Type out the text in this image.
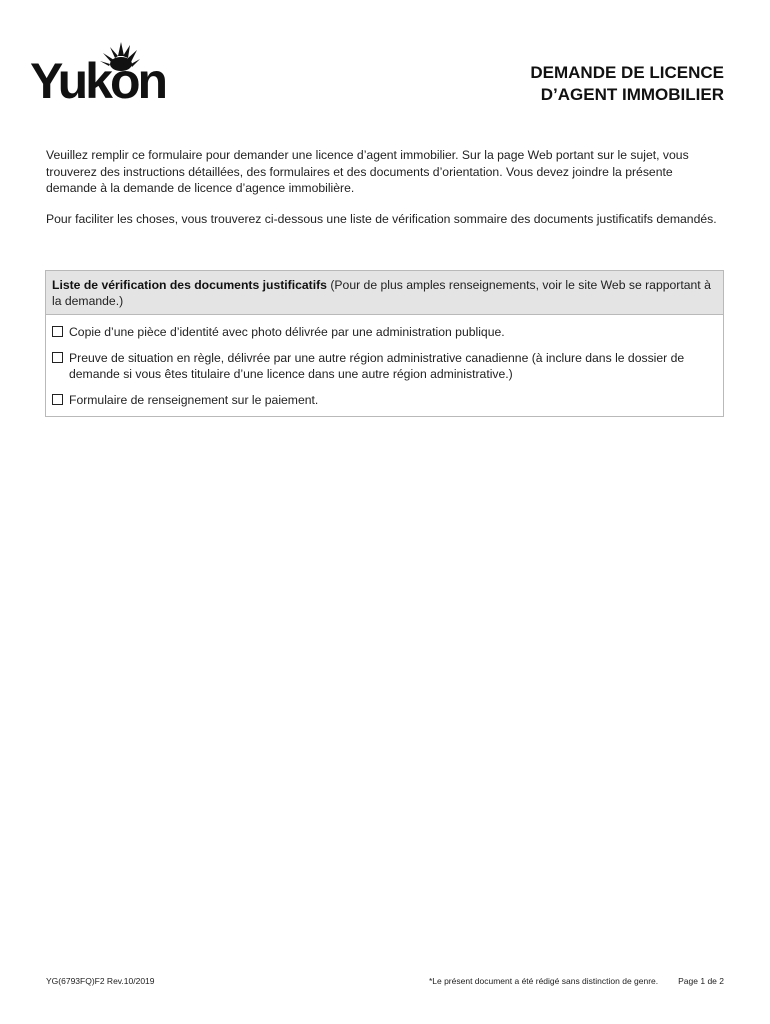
Yukon	DEMANDE DE LICENCE
D’AGENT IMMOBILIER

Veuillez remplir ce formulaire pour demander une licence d’agent immobilier. Sur la page Web portant sur le sujet, vous trouverez des instructions détaillées, des formulaires et des documents d’orientation. Vous devez joindre la présente demande à la demande de licence d’agence immobilière.

Pour faciliter les choses, vous trouverez ci-dessous une liste de vérification sommaire des documents justificatifs demandés.

Liste de vérification des documents justificatifs (Pour de plus amples renseignements, voir le site Web se rapportant à la demande.)
Copie d’une pièce d’identité avec photo délivrée par une administration publique.
Preuve de situation en règle, délivrée par une autre région administrative canadienne (à inclure dans le dossier de demande si vous êtes titulaire d’une licence dans une autre région administrative.)
Formulaire de renseignement sur le paiement.
YG(6793FQ)F2 Rev.10/2019	*Le présent document a été rédigé sans distinction de genre. Page 1 de 2
